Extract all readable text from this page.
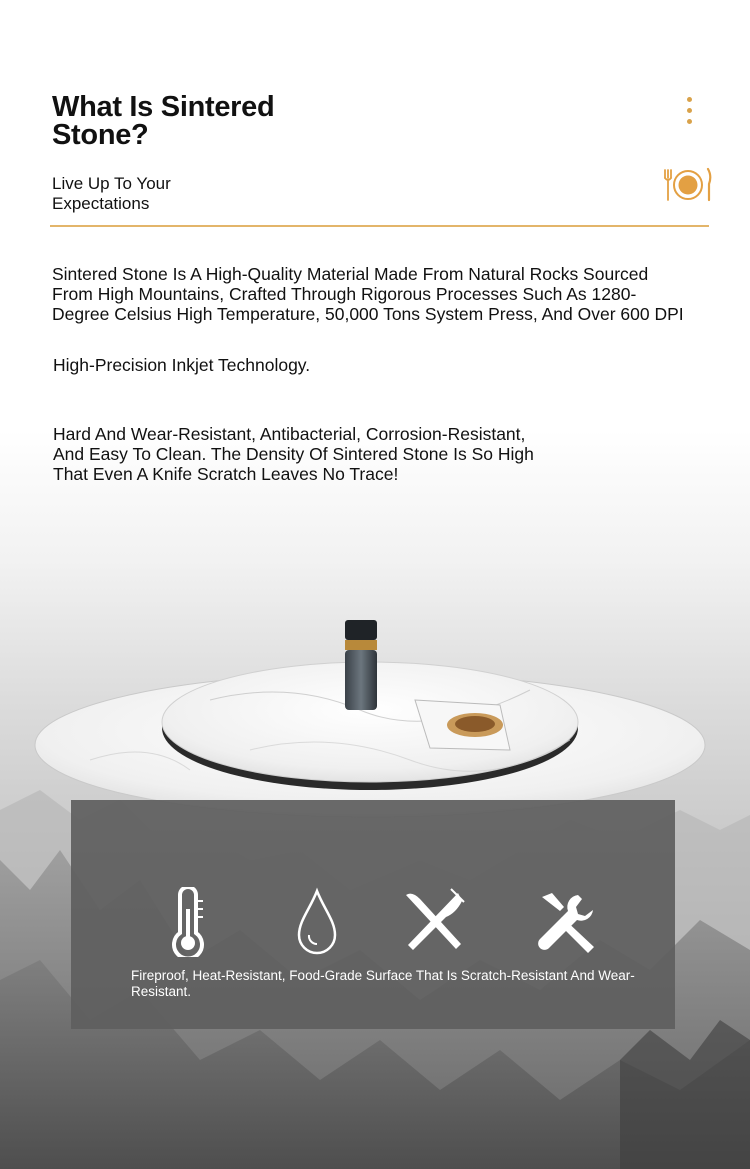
What Is Sintered Stone?
Live Up To Your Expectations
Sintered Stone Is A High-Quality Material Made From Natural Rocks Sourced From High Mountains, Crafted Through Rigorous Processes Such As 1280-Degree Celsius High Temperature, 50,000 Tons System Press, And Over 600 DPI
High-Precision Inkjet Technology.
Hard And Wear-Resistant, Antibacterial, Corrosion-Resistant, And Easy To Clean. The Density Of Sintered Stone Is So High That Even A Knife Scratch Leaves No Trace!
Fireproof, Heat-Resistant, Food-Grade Surface That Is Scratch-Resistant And Wear-Resistant.
